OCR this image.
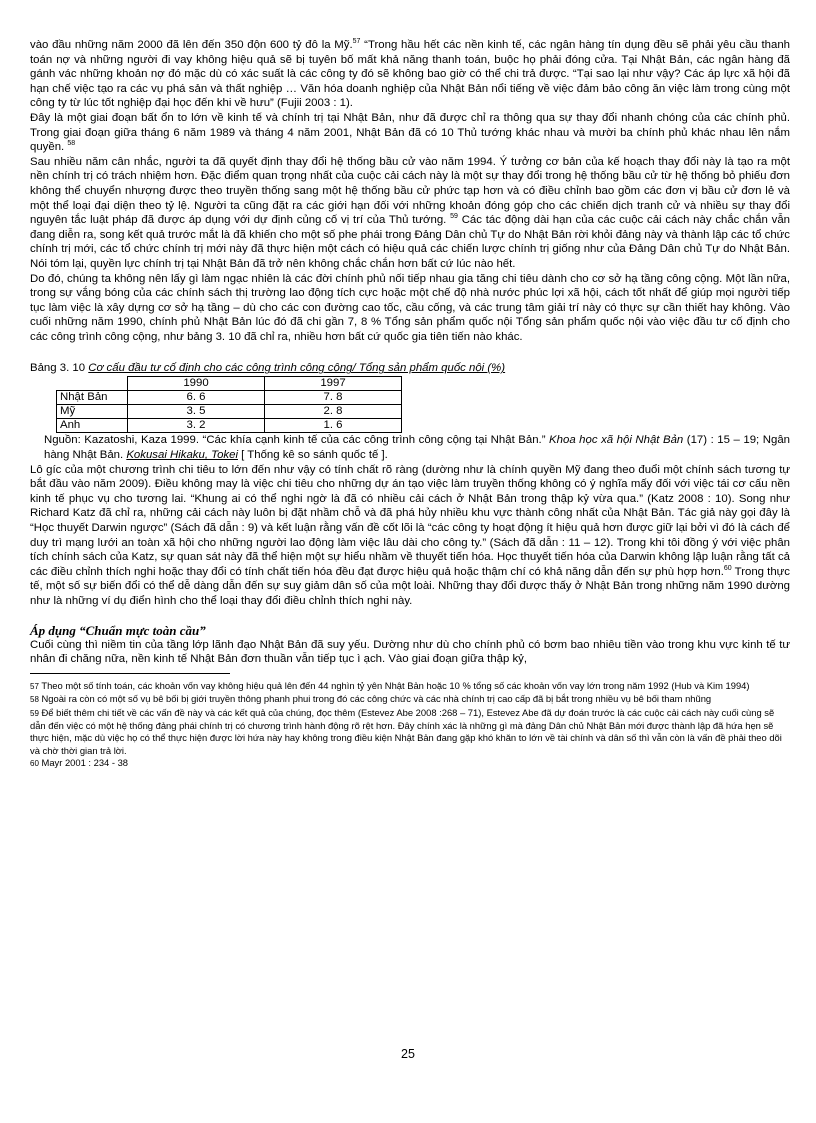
vào đầu những năm 2000 đã lên đến 350 độn 600 tỷ đô la Mỹ.$^{57}$ “Trong hầu hết các nền kinh tế, các ngân hàng tín dụng đều sẽ phải yêu cầu thanh toán nợ và những người đi vay không hiệu quả sẽ bị tuyên bố mất khả năng thanh toán, buộc họ phải đóng cửa. Tại Nhật Bản, các ngân hàng đã gánh vác những khoản nợ đó mặc dù có xác suất là các công ty đó sẽ không bao giờ có thể chi trả được. “Tại sao lại như vậy? Các áp lực xã hội đã hạn chế việc tạo ra các vụ phá sản và thất nghiệp … Văn hóa doanh nghiệp của Nhật Bản nổi tiếng về việc đảm bảo công ăn việc làm trong cùng một công ty từ lúc tốt nghiệp đại học đến khi về hưu” (Fujii 2003 : 1).

Đây là một giai đoạn bất ổn to lớn về kinh tế và chính trị tại Nhật Bản, như đã được chỉ ra thông qua sự thay đổi nhanh chóng của các chính phủ. Trong giai đoạn giữa tháng 6 năm 1989 và tháng 4 năm 2001, Nhật Bản đã có 10 Thủ tướng khác nhau và mười ba chính phủ khác nhau lên nắm quyền. $^{58}$

Sau nhiều năm cân nhắc, người ta đã quyết định thay đổi hệ thống bầu cử vào năm 1994. Ý tưởng cơ bản của kế hoạch thay đổi này là tạo ra một nền chính trị có trách nhiệm hơn. Đặc điểm quan trọng nhất của cuộc cải cách này là một sự thay đổi trong hệ thống bầu cử từ hệ thống bỏ phiếu đơn không thể chuyển nhượng được theo truyền thống sang một hệ thống bầu cử phức tạp hơn và có điều chỉnh bao gồm các đơn vị bầu cử đơn lẻ và một thể loại đại diện theo tỷ lệ. Người ta cũng đặt ra các giới hạn đối với những khoản đóng góp cho các chiến dịch tranh cử và nhiều sự thay đổi nguyên tắc luật pháp đã được áp dụng với dự định củng cố vị trí của Thủ tướng. $^{59}$ Các tác động dài hạn của các cuộc cải cách này chắc chắn vẫn đang diễn ra, song kết quả trước mắt là đã khiến cho một số phe phái trong Đảng Dân chủ Tự do Nhật Bản rời khỏi đảng này và thành lập các tổ chức chính trị mới, các tổ chức chính trị mới này đã thực hiện một cách có hiệu quả các chiến lược chính trị giống như của Đảng Dân chủ Tự do Nhật Bản. Nói tóm lại, quyền lực chính trị tại Nhật Bản đã trở nên không chắc chắn hơn bất cứ lúc nào hết.

Do đó, chúng ta không nên lấy gì làm ngạc nhiên là các đời chính phủ nối tiếp nhau gia tăng chi tiêu dành cho cơ sở hạ tầng công cộng. Một lần nữa, trong sự vắng bóng của các chính sách thị trường lao động tích cực hoặc một chế độ nhà nước phúc lợi xã hội, cách tốt nhất để giúp mọi người tiếp tục làm việc là xây dựng cơ sở hạ tầng – dù cho các con đường cao tốc, cầu cống, và các trung tâm giải trí này có thực sự cần thiết hay không. Vào cuối những năm 1990, chính phủ Nhật Bản lúc đó đã chi gần 7, 8 % Tổng sản phẩm quốc nội Tổng sản phẩm quốc nội vào việc đầu tư cố định cho các công trình công cộng, như bảng 3. 10 đã chỉ ra, nhiều hơn bất cứ quốc gia tiên tiến nào khác.

Bảng 3. 10 Cơ cấu đầu tư cố định cho các công trình công cộng/ Tổng sản phẩm quốc nội (%)
	1990	1997
Nhật Bản	6. 6	7. 8
Mỹ	3. 5	2. 8
Anh	3. 2	1. 6

Nguồn: Kazatoshi, Kaza 1999. “Các khía cạnh kinh tế của các công trình công cộng tại Nhật Bản.” Khoa học xã hội Nhật Bản (17) : 15 – 19; Ngân hàng Nhật Bản. Kokusai Hikaku, Tokei [ Thống kê so sánh quốc tế ].

Lô gíc của một chương trình chi tiêu to lớn đến như vậy có tính chất rõ ràng (dường như là chính quyền Mỹ đang theo đuổi một chính sách tương tự bắt đầu vào năm 2009). Điều không may là việc chi tiêu cho những dự án tạo việc làm truyền thống không có ý nghĩa mấy đối với việc tái cơ cấu nền kinh tế phục vụ cho tương lai. “Khung ai có thể nghi ngờ là đã có nhiều cải cách ở Nhật Bản trong thập kỷ vừa qua.” (Katz 2008 : 10). Song như Richard Katz đã chỉ ra, những cải cách này luôn bị đặt nhầm chỗ và đã phá hủy nhiều khu vực thành công nhất của Nhật Bản. Tác giả này gọi đây là “Học thuyết Darwin ngược” (Sách đã dẫn : 9) và kết luận rằng vấn đề cốt lõi là “các công ty hoạt động ít hiệu quả hơn được giữ lại bởi vì đó là cách để duy trì mạng lưới an toàn xã hội cho những người lao động làm việc lâu dài cho công ty.” (Sách đã dẫn : 11 – 12). Trong khi tôi đồng ý với việc phân tích chính sách của Katz, sự quan sát này đã thể hiện một sự hiểu nhầm về thuyết tiến hóa. Học thuyết tiến hóa của Darwin không lập luận rằng tất cả các điều chỉnh thích nghi hoặc thay đổi có tính chất tiến hóa đều đạt được hiệu quả hoặc thậm chí có khả năng dẫn đến sự phù hợp hơn.$^{60}$ Trong thực tế, một số sự biến đổi có thể dễ dàng dẫn đến sự suy giảm dân số của một loài. Những thay đổi được thấy ở Nhật Bản trong những năm 1990 dường như là những ví dụ điển hình cho thể loại thay đổi điều chỉnh thích nghi này.

Áp dụng “Chuẩn mực toàn cầu”

Cuối cùng thì niềm tin của tầng lớp lãnh đạo Nhật Bản đã suy yếu. Dường như dù cho chính phủ có bơm bao nhiêu tiền vào trong khu vực kinh tế tư nhân đi chăng nữa, nền kinh tế Nhật Bản đơn thuần vẫn tiếp tục ì ạch. Vào giai đoạn giữa thập kỷ,

57 Theo một số tính toán, các khoản vốn vay không hiệu quả lên đến 44 nghìn tỷ yên Nhật Bản hoặc 10 % tổng số các khoản vốn vay lớn trong năm 1992 (Hub và Kim 1994)

58 Ngoài ra còn có một số vụ bê bối bị giới truyền thông phanh phui trong đó các công chức và các nhà chính trị cao cấp đã bị bắt trong nhiều vụ bê bối tham nhũng

59 Để biết thêm chi tiết về các vấn đề này và các kết quả của chúng, đọc thêm (Estevez Abe 2008 :268 – 71), Estevez Abe đã dự đoán trước là các cuộc cải cách này cuối cùng sẽ dẫn đến việc có một hệ thống đảng phái chính trị có chương trình hành động rõ rệt hơn. Đây chính xác là những gì mà đảng Dân chủ Nhật Bản mới được thành lập đã hứa hẹn sẽ thực hiện, mặc dù việc họ có thể thực hiện được lời hứa này hay không trong điều kiện Nhật Bản đang gặp khó khăn to lớn về tài chính và dân số thì vẫn còn là vấn đề phải theo dõi và chờ thời gian trả lời.

60 Mayr 2001 : 234 - 38

25
